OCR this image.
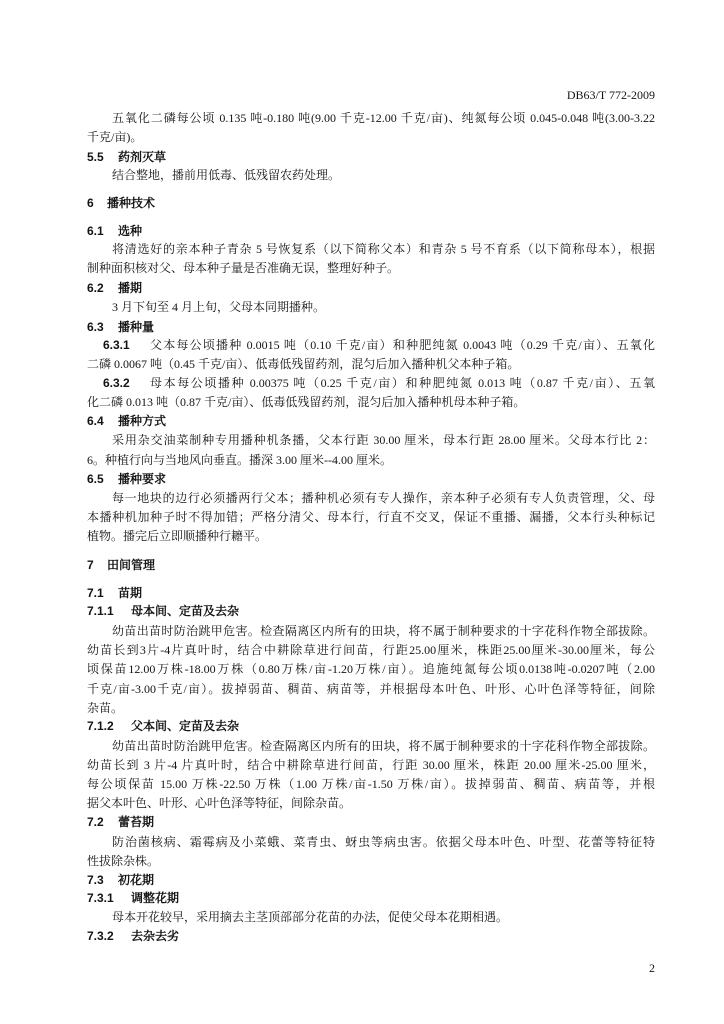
DB63/T 772-2009
五氧化二磷每公顷 0.135 吨-0.180 吨(9.00 千克-12.00 千克/亩)、纯氮每公顷 0.045-0.048 吨(3.00-3.22
千克/亩)。
5.5 药剂灭草
结合整地，播前用低毒、低残留农药处理。
6 播种技术
6.1 选种
将清选好的亲本种子青杂 5 号恢复系（以下简称父本）和青杂 5 号不育系（以下简称母本），根据
制种面积核对父、母本种子量是否准确无误，整理好种子。
6.2 播期
3 月下旬至 4 月上旬，父母本同期播种。
6.3 播种量
6.3.1 父本每公顷播种 0.0015 吨（0.10 千克/亩）和种肥纯氮 0.0043 吨（0.29 千克/亩）、五氧化
二磷 0.0067 吨（0.45 千克/亩）、低毒低残留药剂，混匀后加入播种机父本种子箱。
6.3.2 母本每公顷播种 0.00375 吨（0.25 千克/亩）和种肥纯氮 0.013 吨（0.87 千克/亩）、五氧
化二磷 0.013 吨（0.87 千克/亩）、低毒低残留药剂，混匀后加入播种机母本种子箱。
6.4 播种方式
采用杂交油菜制种专用播种机条播，父本行距 30.00 厘米，母本行距 28.00 厘米。父母本行比 2：
6。种植行向与当地风向垂直。播深 3.00 厘米--4.00 厘米。
6.5 播种要求
每一地块的边行必须播两行父本；播种机必须有专人操作，亲本种子必须有专人负责管理，父、母
本播种机加种子时不得加错；严格分清父、母本行，行直不交叉，保证不重播、漏播，父本行头种标记
植物。播完后立即顺播种行耱平。
7 田间管理
7.1 苗期
7.1.1 母本间、定苗及去杂
幼苗出苗时防治跳甲危害。检查隔离区内所有的田块，将不属于制种要求的十字花科作物全部拔除。
幼苗长到3片-4片真叶时，结合中耕除草进行间苗，行距25.00厘米，株距25.00厘米-30.00厘米，每公
顷保苗12.00万株-18.00万株（0.80万株/亩-1.20万株/亩）。追施纯氮每公顷0.0138吨-0.0207吨（2.00
千克/亩-3.00千克/亩）。拔掉弱苗、稠苗、病苗等，并根据母本叶色、叶形、心叶色泽等特征，间除
杂苗。
7.1.2 父本间、定苗及去杂
幼苗出苗时防治跳甲危害。检查隔离区内所有的田块，将不属于制种要求的十字花科作物全部拔除。
幼苗长到 3 片-4 片真叶时，结合中耕除草进行间苗，行距 30.00 厘米，株距 20.00 厘米-25.00 厘米，
每公顷保苗 15.00 万株-22.50 万株（1.00 万株/亩-1.50 万株/亩）。拔掉弱苗、稠苗、病苗等，并根
据父本叶色、叶形、心叶色泽等特征，间除杂苗。
7.2 蕾苔期
防治菌核病、霜霉病及小菜蛾、菜青虫、蚜虫等病虫害。依据父母本叶色、叶型、花蕾等特征特
性拔除杂株。
7.3 初花期
7.3.1 调整花期
母本开花较早，采用摘去主茎顶部部分花苗的办法，促使父母本花期相遇。
7.3.2 去杂去劣
2
